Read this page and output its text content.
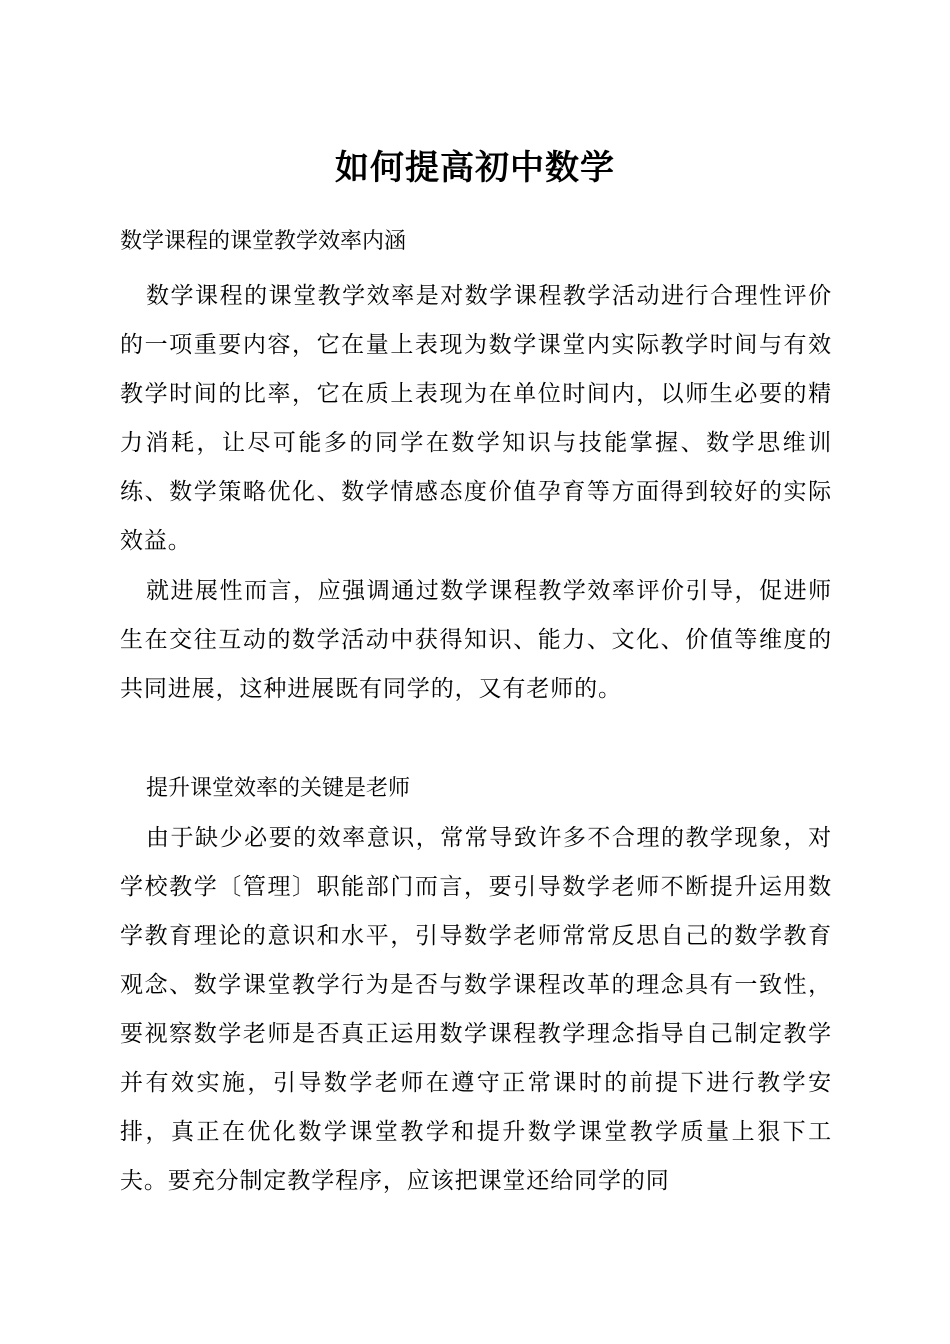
如何提高初中数学
数学课程的课堂教学效率内涵
数学课程的课堂教学效率是对数学课程教学活动进行合理性评价的一项重要内容，它在量上表现为数学课堂内实际教学时间与有效教学时间的比率，它在质上表现为在单位时间内，以师生必要的精力消耗，让尽可能多的同学在数学知识与技能掌握、数学思维训练、数学策略优化、数学情感态度价值孕育等方面得到较好的实际效益。
就进展性而言，应强调通过数学课程教学效率评价引导，促进师生在交往互动的数学活动中获得知识、能力、文化、价值等维度的共同进展，这种进展既有同学的，又有老师的。
提升课堂效率的关键是老师
由于缺少必要的效率意识，常常导致许多不合理的教学现象，对学校教学〔管理〕职能部门而言，要引导数学老师不断提升运用数学教育理论的意识和水平，引导数学老师常常反思自己的数学教育观念、数学课堂教学行为是否与数学课程改革的理念具有一致性，要视察数学老师是否真正运用数学课程教学理念指导自己制定教学并有效实施，引导数学老师在遵守正常课时的前提下进行教学安排，真正在优化数学课堂教学和提升数学课堂教学质量上狠下工夫。要充分制定教学程序，应该把课堂还给同学的同
